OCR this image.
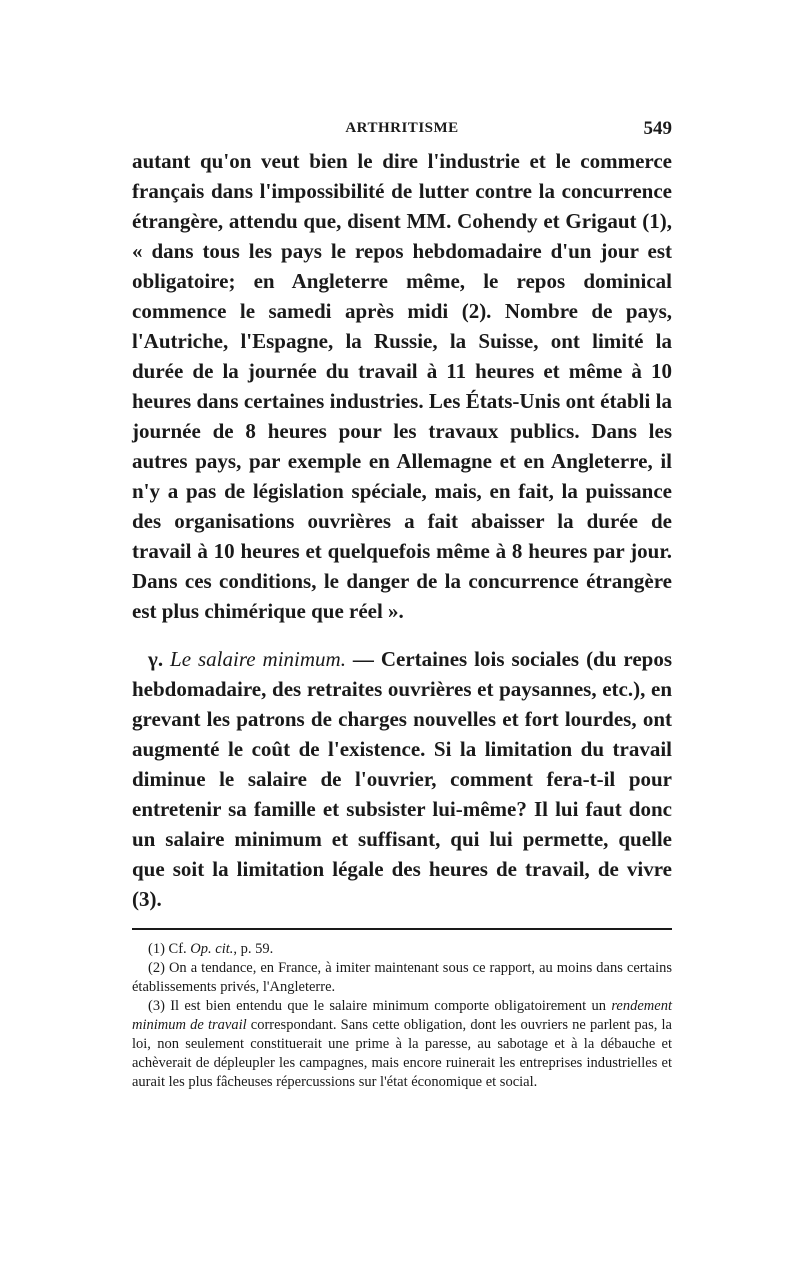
ARTHRITISME	549

autant qu'on veut bien le dire l'industrie et le commerce français dans l'impossibilité de lutter contre la concurrence étrangère, attendu que, disent MM. Cohendy et Grigaut (1), « dans tous les pays le repos hebdomadaire d'un jour est obligatoire; en Angleterre même, le repos dominical commence le samedi après midi (2). Nombre de pays, l'Autriche, l'Espagne, la Russie, la Suisse, ont limité la durée de la journée du travail à 11 heures et même à 10 heures dans certaines industries. Les États-Unis ont établi la journée de 8 heures pour les travaux publics. Dans les autres pays, par exemple en Allemagne et en Angleterre, il n'y a pas de législation spéciale, mais, en fait, la puissance des organisations ouvrières a fait abaisser la durée de travail à 10 heures et quelquefois même à 8 heures par jour. Dans ces conditions, le danger de la concurrence étrangère est plus chimérique que réel ».

γ. Le salaire minimum. — Certaines lois sociales (du repos hebdomadaire, des retraites ouvrières et paysannes, etc.), en grevant les patrons de charges nouvelles et fort lourdes, ont augmenté le coût de l'existence. Si la limitation du travail diminue le salaire de l'ouvrier, comment fera-t-il pour entretenir sa famille et subsister lui-même? Il lui faut donc un salaire minimum et suffisant, qui lui permette, quelle que soit la limitation légale des heures de travail, de vivre (3).

(1) Cf. Op. cit., p. 59.

(2) On a tendance, en France, à imiter maintenant sous ce rapport, au moins dans certains établissements privés, l'Angleterre.

(3) Il est bien entendu que le salaire minimum comporte obligatoirement un rendement minimum de travail correspondant. Sans cette obligation, dont les ouvriers ne parlent pas, la loi, non seulement constituerait une prime à la paresse, au sabotage et à la débauche et achèverait de dépleupler les campagnes, mais encore ruinerait les entreprises industrielles et aurait les plus fâcheuses répercussions sur l'état économique et social.
